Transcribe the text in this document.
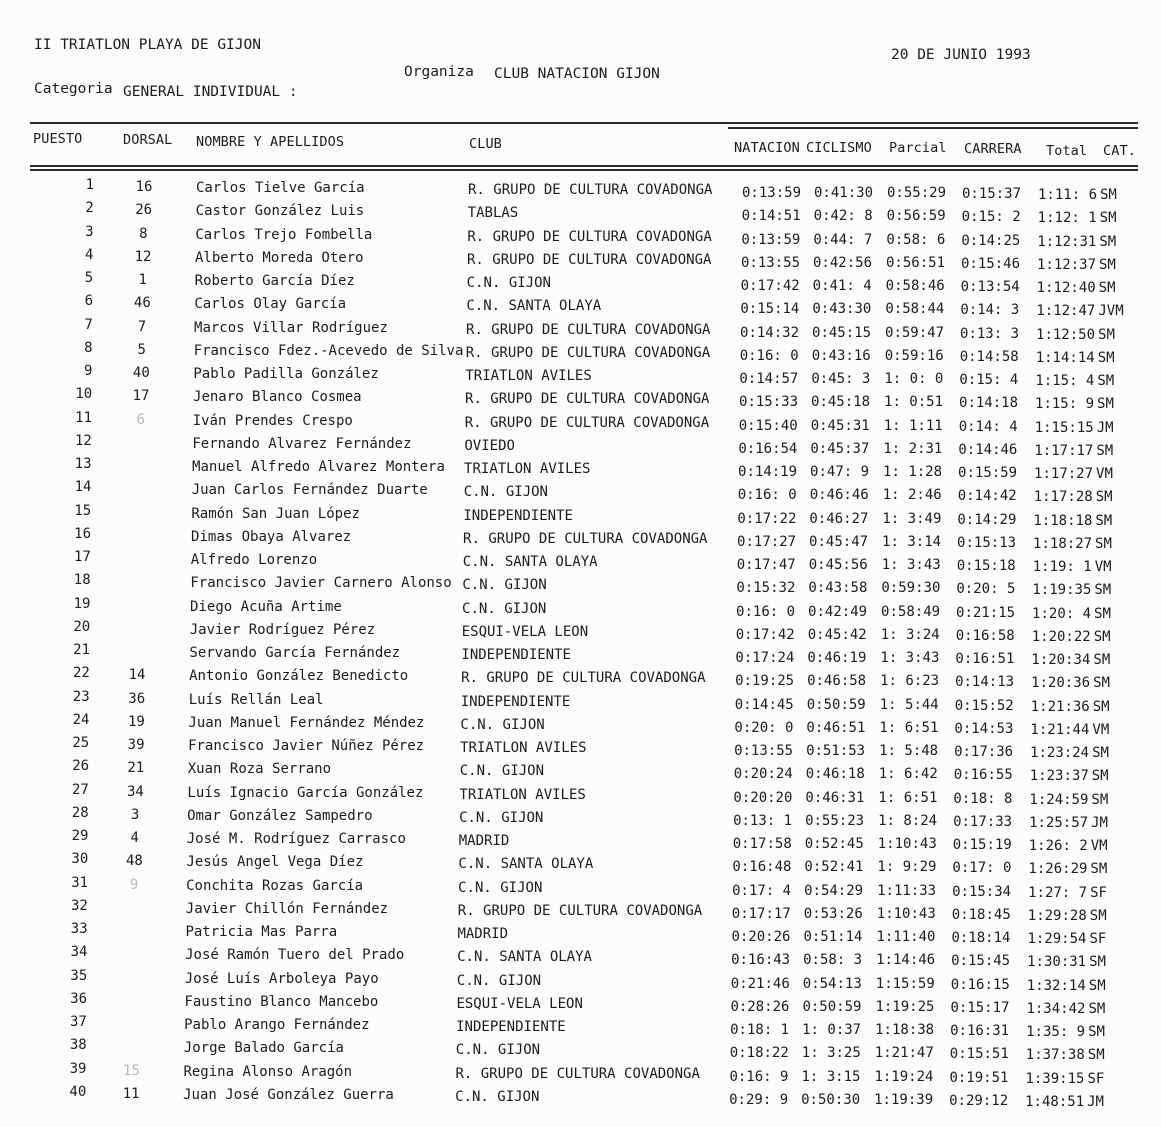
II TRIATLON PLAYA DE GIJON
20 DE JUNIO 1993
Organiza CLUB NATACION GIJON
Categoria GENERAL INDIVIDUAL :
PUESTO	DORSAL NOMBRE Y APELLIDOS	CLUB	NATACION CICLISMO Parcial CARRERA Total CAT.
1	16	Carlos Tielve García	R. GRUPO DE CULTURA COVADONGA	0:13:59 0:41:30 0:55:29	0:15:37	1:11: 6 SM
2	26	Castor González Luis	TABLAS	0:14:51 0:42: 8 0:56:59	0:15: 2	1:12: 1 SM
3	8	Carlos Trejo Fombella	R. GRUPO DE CULTURA COVADONGA	0:13:59 0:44: 7 0:58: 6	0:14:25	1:12:31 SM
4	12	Alberto Moreda Otero	R. GRUPO DE CULTURA COVADONGA	0:13:55 0:42:56 0:56:51	0:15:46	1:12:37 SM
5	1	Roberto García Díez	C.N. GIJON	0:17:42 0:41: 4 0:58:46	0:13:54	1:12:40 SM
6	46	Carlos Olay García	C.N. SANTA OLAYA	0:15:14 0:43:30 0:58:44	0:14: 3	1:12:47 JVM
7	7	Marcos Villar Rodríguez	R. GRUPO DE CULTURA COVADONGA	0:14:32 0:45:15 0:59:47	0:13: 3	1:12:50 SM
8	5	Francisco Fdez.-Acevedo de Silva R. GRUPO DE CULTURA COVADONGA	0:16: 0 0:43:16 0:59:16	0:14:58	1:14:14 SM
9	40	Pablo Padilla González	TRIATLON AVILES	0:14:57 0:45: 3 1: 0: 0	0:15: 4	1:15: 4 SM
10	17	Jenaro Blanco Cosmea	R. GRUPO DE CULTURA COVADONGA	0:15:33 0:45:18 1: 0:51	0:14:18	1:15: 9 SM
11	6	Iván Prendes Crespo	R. GRUPO DE CULTURA COVADONGA	0:15:40 0:45:31 1: 1:11	0:14: 4	1:15:15 JM
12	Fernando Alvarez Fernández	OVIEDO	0:16:54 0:45:37 1: 2:31	0:14:46	1:17:17 SM
13	Manuel Alfredo Alvarez Montera	TRIATLON AVILES	0:14:19 0:47: 9 1: 1:28	0:15:59	1:17:27 VM
14	Juan Carlos Fernández Duarte	C.N. GIJON	0:16: 0 0:46:46 1: 2:46	0:14:42	1:17:28 SM
15	Ramón San Juan López	INDEPENDIENTE	0:17:22 0:46:27 1: 3:49	0:14:29	1:18:18 SM
16	Dimas Obaya Alvarez	R. GRUPO DE CULTURA COVADONGA	0:17:27 0:45:47 1: 3:14	0:15:13	1:18:27 SM
17	Alfredo Lorenzo	C.N. SANTA OLAYA	0:17:47 0:45:56 1: 3:43	0:15:18	1:19: 1 VM
18	Francisco Javier Carnero Alonso C.N. GIJON	0:15:32 0:43:58 0:59:30	0:20: 5	1:19:35 SM
19	Diego Acuña Artime	C.N. GIJON	0:16: 0 0:42:49 0:58:49	0:21:15	1:20: 4 SM
20	Javier Rodríguez Pérez	ESQUI-VELA LEON	0:17:42 0:45:42 1: 3:24	0:16:58	1:20:22 SM
21	Servando García Fernández	INDEPENDIENTE	0:17:24 0:46:19 1: 3:43	0:16:51	1:20:34 SM
22	14	Antonio González Benedicto	R. GRUPO DE CULTURA COVADONGA	0:19:25 0:46:58 1: 6:23	0:14:13	1:20:36 SM
23	36	Luís Rellán Leal	INDEPENDIENTE	0:14:45 0:50:59 1: 5:44	0:15:52	1:21:36 SM
24	19	Juan Manuel Fernández Méndez	C.N. GIJON	0:20: 0 0:46:51 1: 6:51	0:14:53	1:21:44 VM
25	39	Francisco Javier Núñez Pérez	TRIATLON AVILES	0:13:55 0:51:53 1: 5:48	0:17:36	1:23:24 SM
26	21	Xuan Roza Serrano	C.N. GIJON	0:20:24 0:46:18 1: 6:42	0:16:55	1:23:37 SM
27	34	Luís Ignacio García González	TRIATLON AVILES	0:20:20 0:46:31 1: 6:51	0:18: 8	1:24:59 SM
28	3	Omar González Sampedro	C.N. GIJON	0:13: 1 0:55:23 1: 8:24	0:17:33	1:25:57 JM
29	4	José M. Rodríguez Carrasco	MADRID	0:17:58 0:52:45 1:10:43	0:15:19	1:26: 2 VM
30	48	Jesús Angel Vega Díez	C.N. SANTA OLAYA	0:16:48 0:52:41 1: 9:29	0:17: 0	1:26:29 SM
31	9	Conchita Rozas García	C.N. GIJON	0:17: 4 0:54:29 1:11:33	0:15:34	1:27: 7 SF
32	Javier Chillón Fernández	R. GRUPO DE CULTURA COVADONGA	0:17:17 0:53:26 1:10:43	0:18:45	1:29:28 SM
33	Patricia Mas Parra	MADRID	0:20:26 0:51:14 1:11:40	0:18:14	1:29:54 SF
34	José Ramón Tuero del Prado	C.N. SANTA OLAYA	0:16:43 0:58: 3 1:14:46	0:15:45	1:30:31 SM
35	José Luís Arboleya Payo	C.N. GIJON	0:21:46 0:54:13 1:15:59	0:16:15	1:32:14 SM
36	Faustino Blanco Mancebo	ESQUI-VELA LEON	0:28:26 0:50:59 1:19:25	0:15:17	1:34:42 SM
37	Pablo Arango Fernández	INDEPENDIENTE	0:18: 1 1: 0:37 1:18:38	0:16:31	1:35: 9 SM
38	Jorge Balado García	C.N. GIJON	0:18:22 1: 3:25 1:21:47	0:15:51	1:37:38 SM
39	15	Regina Alonso Aragón	R. GRUPO DE CULTURA COVADONGA	0:16: 9 1: 3:15 1:19:24	0:19:51	1:39:15 SF
40	11	Juan José González Guerra	C.N. GIJON	0:29: 9 0:50:30 1:19:39	0:29:12	1:48:51 JM
